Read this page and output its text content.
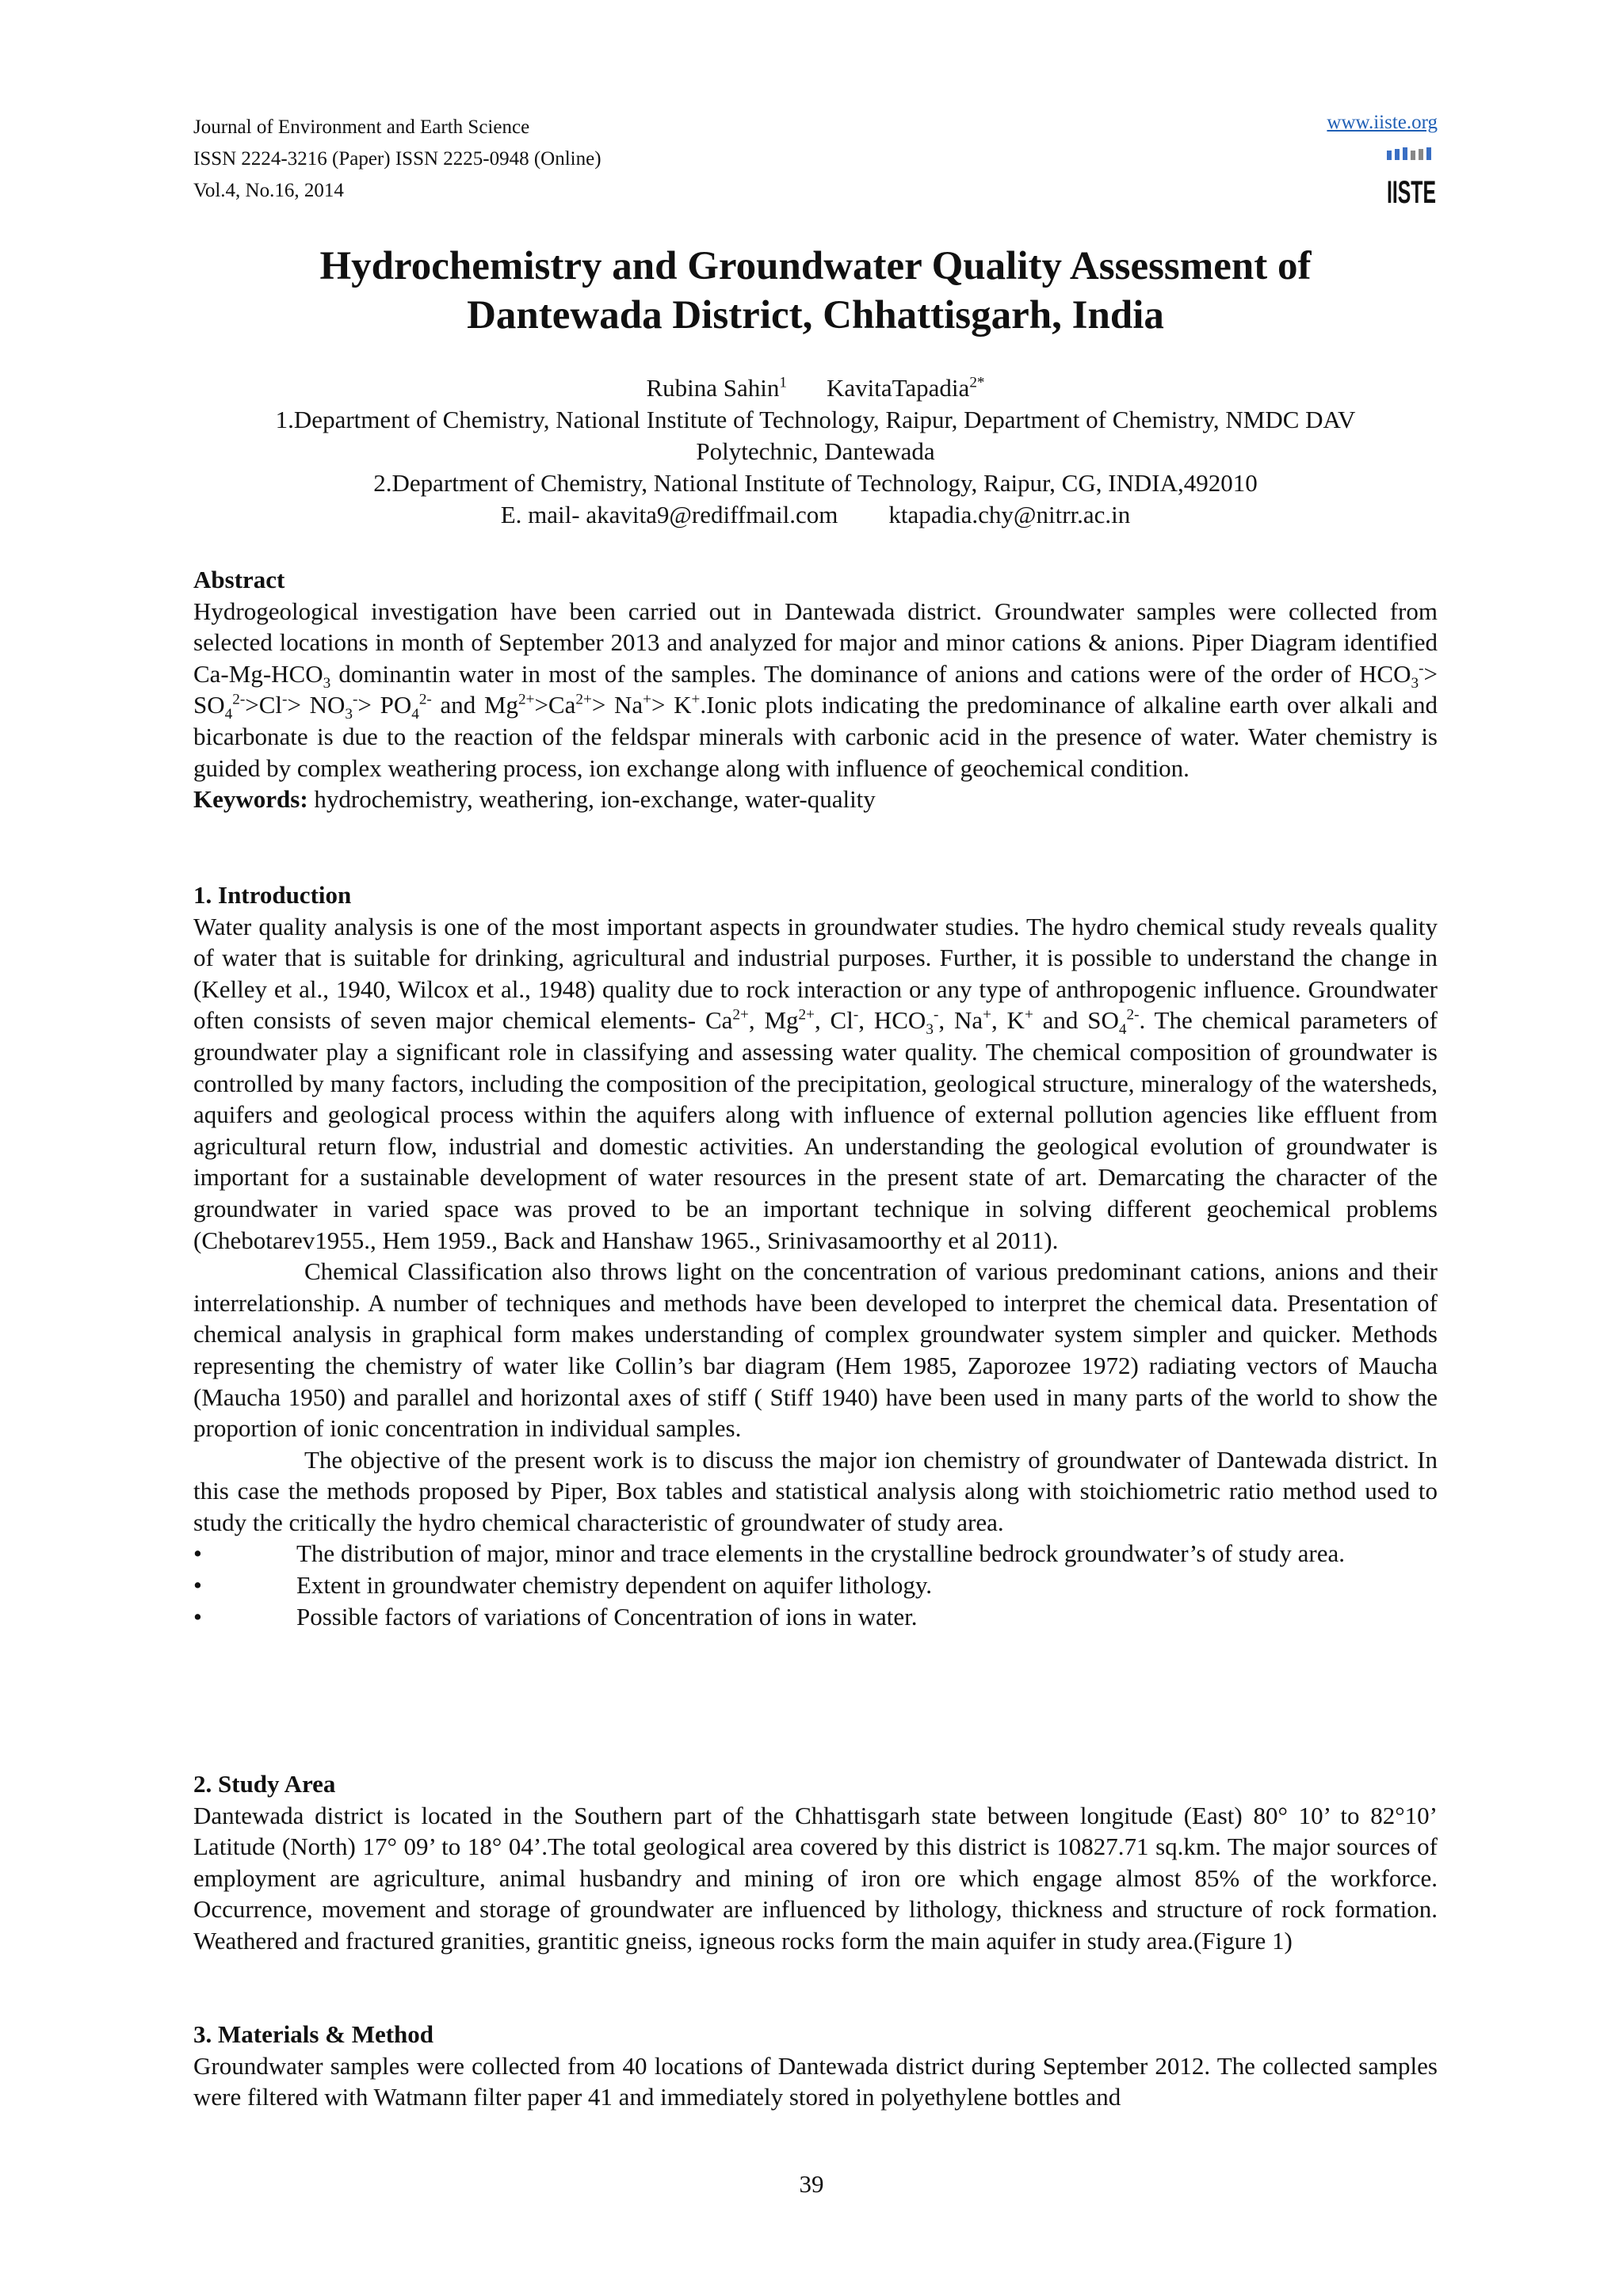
Journal of Environment and Earth Science
ISSN 2224-3216 (Paper) ISSN 2225-0948 (Online)
Vol.4, No.16, 2014
www.iiste.org
IISTE
Hydrochemistry and Groundwater Quality Assessment of
Dantewada District, Chhattisgarh, India
Rubina Sahin$^1$ KavitaTapadia$^{2*}$
1.Department of Chemistry, National Institute of Technology, Raipur, Department of Chemistry, NMDC DAV
Polytechnic, Dantewada
2.Department of Chemistry, National Institute of Technology, Raipur, CG, INDIA,492010
E. mail- akavita9@rediffmail.com ktapadia.chy@nitrr.ac.in

Abstract

Hydrogeological investigation have been carried out in Dantewada district. Groundwater samples were collected from selected locations in month of September 2013 and analyzed for major and minor cations & anions. Piper Diagram identified $Ca-Mg-HCO_3$ dominantin water in most of the samples. The dominance of anions and cations were of the order of $HCO_3^-> SO_4^{2-}>Cl^-> NO_3^-> PO_4^{2-}$ and $Mg^{2+}>Ca^{2+}> Na^+>$ K+.Ionic plots indicating the predominance of alkaline earth over alkali and bicarbonate is due to the reaction of the feldspar minerals with carbonic acid in the presence of water. Water chemistry is guided by complex weathering process, ion exchange along with influence of geochemical condition.

Keywords: hydrochemistry, weathering, ion-exchange, water-quality

1. Introduction

Water quality analysis is one of the most important aspects in groundwater studies. The hydro chemical study reveals quality of water that is suitable for drinking, agricultural and industrial purposes. Further, it is possible to understand the change in (Kelley et al., 1940, Wilcox et al., 1948) quality due to rock interaction or any type of anthropogenic influence. Groundwater often consists of seven major chemical elements- $Ca^{2+}$, $Mg^{2+}$, Cl-, $HCO_3^-$, Na+, K+ and $SO_4^{2-}$. The chemical parameters of groundwater play a significant role in classifying and assessing water quality. The chemical composition of groundwater is controlled by many factors, including the composition of the precipitation, geological structure, mineralogy of the watersheds, aquifers and geological process within the aquifers along with influence of external pollution agencies like effluent from agricultural return flow, industrial and domestic activities. An understanding the geological evolution of groundwater is important for a sustainable development of water resources in the present state of art. Demarcating the character of the groundwater in varied space was proved to be an important technique in solving different geochemical problems (Chebotarev1955., Hem 1959., Back and Hanshaw 1965., Srinivasamoorthy et al 2011).

Chemical Classification also throws light on the concentration of various predominant cations, anions and their interrelationship. A number of techniques and methods have been developed to interpret the chemical data. Presentation of chemical analysis in graphical form makes understanding of complex groundwater system simpler and quicker. Methods representing the chemistry of water like Collin’s bar diagram (Hem 1985, Zaporozee 1972) radiating vectors of Maucha (Maucha 1950) and parallel and horizontal axes of stiff ( Stiff 1940) have been used in many parts of the world to show the proportion of ionic concentration in individual samples.

The objective of the present work is to discuss the major ion chemistry of groundwater of Dantewada district. In this case the methods proposed by Piper, Box tables and statistical analysis along with stoichiometric ratio method used to study the critically the hydro chemical characteristic of groundwater of study area.

•	The distribution of major, minor and trace elements in the crystalline bedrock groundwater’s of study area.
•	Extent in groundwater chemistry dependent on aquifer lithology.
•	Possible factors of variations of Concentration of ions in water.

2. Study Area

Dantewada district is located in the Southern part of the Chhattisgarh state between longitude (East) 80° 10’ to 82°10’ Latitude (North) 17° 09’ to 18° 04’.The total geological area covered by this district is 10827.71 sq.km. The major sources of employment are agriculture, animal husbandry and mining of iron ore which engage almost 85% of the workforce. Occurrence, movement and storage of groundwater are influenced by lithology, thickness and structure of rock formation. Weathered and fractured granities, grantitic gneiss, igneous rocks form the main aquifer in study area.(Figure 1)

3. Materials & Method

Groundwater samples were collected from 40 locations of Dantewada district during September 2012. The collected samples were filtered with Watmann filter paper 41 and immediately stored in polyethylene bottles and

39
